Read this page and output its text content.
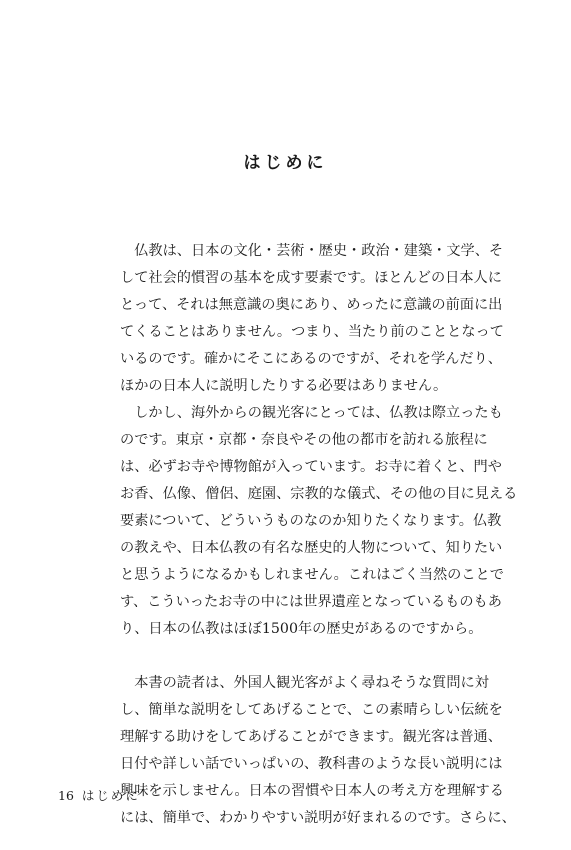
はじめに
　仏教は、日本の文化・芸術・歴史・政治・建築・文学、そ
して社会的慣習の基本を成す要素です。ほとんどの日本人に
とって、それは無意識の奥にあり、めったに意識の前面に出
てくることはありません。つまり、当たり前のこととなって
いるのです。確かにそこにあるのですが、それを学んだり、
ほかの日本人に説明したりする必要はありません。
　しかし、海外からの観光客にとっては、仏教は際立ったも
のです。東京・京都・奈良やその他の都市を訪れる旅程に
は、必ずお寺や博物館が入っています。お寺に着くと、門や
お香、仏像、僧侶、庭園、宗教的な儀式、その他の目に見える
要素について、どういうものなのか知りたくなります。仏教
の教えや、日本仏教の有名な歴史的人物について、知りたい
と思うようになるかもしれません。これはごく当然のことで
す、こういったお寺の中には世界遺産となっているものもあ
り、日本の仏教はほぼ1500年の歴史があるのですから。
　本書の読者は、外国人観光客がよく尋ねそうな質問に対
し、簡単な説明をしてあげることで、この素晴らしい伝統を
理解する助けをしてあげることができます。観光客は普通、
日付や詳しい話でいっぱいの、教科書のような長い説明には
興味を示しません。日本の習慣や日本人の考え方を理解する
には、簡単で、わかりやすい説明が好まれるのです。さらに、
16 はじめに
